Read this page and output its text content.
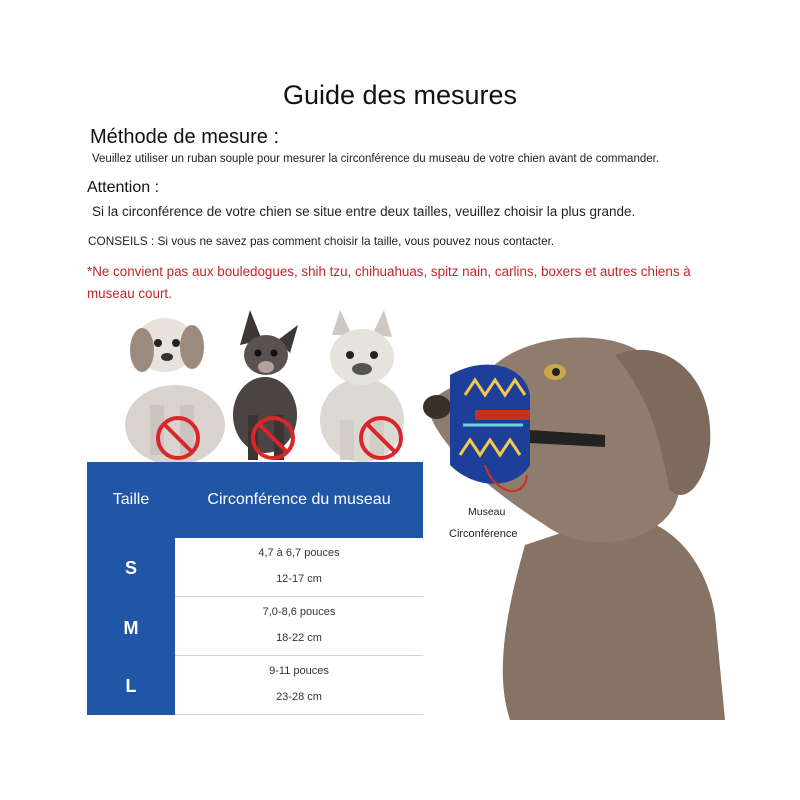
Guide des mesures
Méthode de mesure :
Veuillez utiliser un ruban souple pour mesurer la circonférence du museau de votre chien avant de commander.
Attention :
Si la circonférence de votre chien se situe entre deux tailles, veuillez choisir la plus grande.
CONSEILS : Si vous ne savez pas comment choisir la taille, vous pouvez nous contacter.
*Ne convient pas aux bouledogues, shih tzu, chihuahuas, spitz nain, carlins, boxers et autres chiens à museau court.
Museau
Circonférence
Taille	Circonférence du museau
S
M
L
4,7 à 6,7 pouces
12-17 cm
7,0-8,6 pouces
18-22 cm
9-11 pouces
23-28 cm
